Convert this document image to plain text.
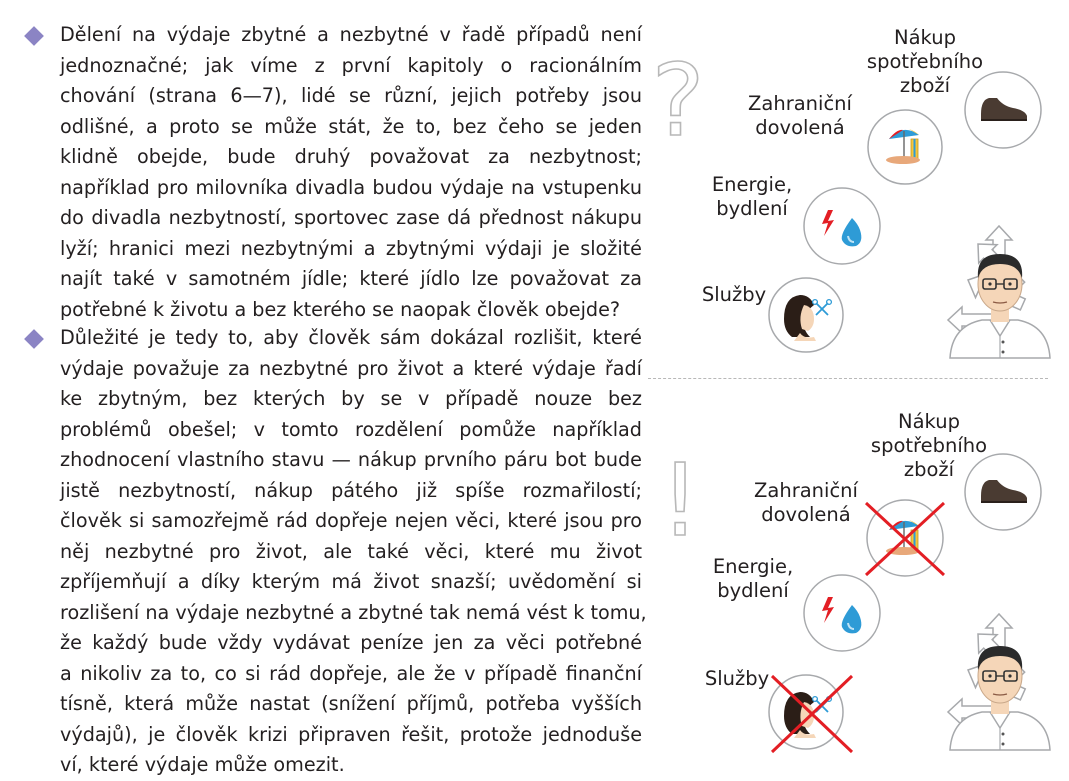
Dělení na výdaje zbytné a nezbytné v řadě případů není
jednoznačné; jak víme z první kapitoly o racionálním
chování (strana 6—7), lidé se různí, jejich potřeby jsou
odlišné, a proto se může stát, že to, bez čeho se jeden
klidně obejde, bude druhý považovat za nezbytnost;
například pro milovníka divadla budou výdaje na vstupenku
do divadla nezbytností, sportovec zase dá přednost nákupu
lyží; hranici mezi nezbytnými a zbytnými výdaji je složité
najít také v samotném jídle; které jídlo lze považovat za
potřebné k životu a bez kterého se naopak člověk obejde?
Důležité je tedy to, aby člověk sám dokázal rozlišit, které
výdaje považuje za nezbytné pro život a které výdaje řadí
ke zbytným, bez kterých by se v případě nouze bez
problémů obešel; v tomto rozdělení pomůže například
zhodnocení vlastního stavu — nákup prvního páru bot bude
jistě nezbytností, nákup pátého již spíše rozmařilostí;
člověk si samozřejmě rád dopřeje nejen věci, které jsou pro
něj nezbytné pro život, ale také věci, které mu život
zpříjemňují a díky kterým má život snazší; uvědomění si
rozlišení na výdaje nezbytné a zbytné tak nemá vést k tomu,
že každý bude vždy vydávat peníze jen za věci potřebné
a nikoliv za to, co si rád dopřeje, ale že v případě finanční
tísně, která může nastat (snížení příjmů, potřeba vyšších
výdajů), je člověk krizi připraven řešit, protože jednoduše
ví, které výdaje může omezit.
?
!
Nákup
spotřebního
zboží
Zahraniční
dovolená
Energie,
bydlení
Služby
Nákup
spotřebního
zboží
Zahraniční
dovolená
Energie,
bydlení
Služby
